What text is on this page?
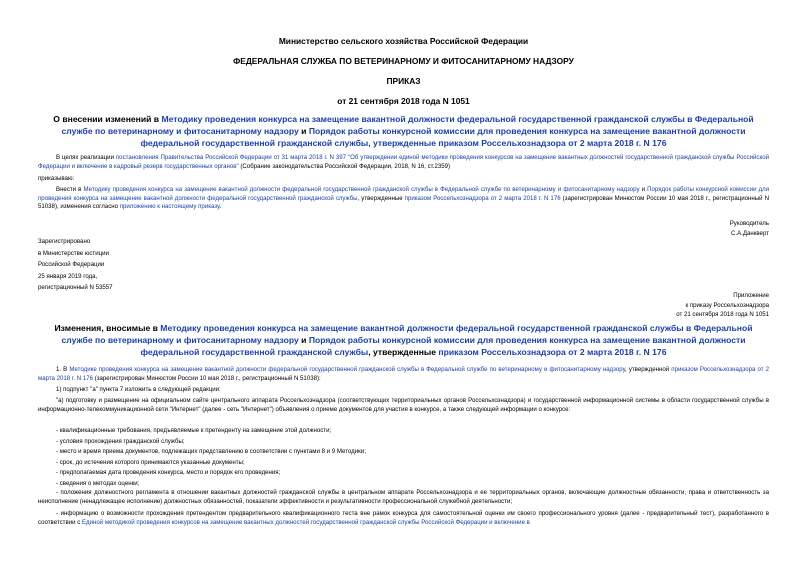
Министерство сельского хозяйства Российской Федерации
ФЕДЕРАЛЬНАЯ СЛУЖБА ПО ВЕТЕРИНАРНОМУ И ФИТОСАНИТАРНОМУ НАДЗОРУ
ПРИКАЗ
от 21 сентября 2018 года N 1051
О внесении изменений в Методику проведения конкурса на замещение вакантной должности федеральной государственной гражданской службы в Федеральной службе по ветеринарному и фитосанитарному надзору и Порядок работы конкурсной комиссии для проведения конкурса на замещение вакантной должности федеральной государственной гражданской службы, утвержденные приказом Россельхознадзора от 2 марта 2018 г. N 176
В целях реализации постановления Правительства Российской Федерации от 31 марта 2018 г. N 397 "Об утверждении единой методики проведения конкурсов на замещение вакантных должностей государственной гражданской службы Российской Федерации и включение в кадровый резерв государственных органов" (Собрание законодательства Российской Федерации, 2018, N 16, ст.2359)
приказываю:
Внести в Методику проведения конкурса на замещение вакантной должности федеральной государственной гражданской службы в Федеральной службе по ветеринарному и фитосанитарному надзору и Порядок работы конкурсной комиссии для проведения конкурса на замещение вакантной должности федеральной государственной гражданской службы, утвержденные приказом Россельхознадзора от 2 марта 2018 г. N 176 (зарегистрирован Минюстом России 10 мая 2018 г., регистрационный N 51038), изменения согласно приложению к настоящему приказу.
Руководитель
С.А.Данкверт
Зарегистрировано
в Министерстве юстиции
Российской Федерации
25 января 2019 года,
регистрационный N 53557
Приложение
к приказу Россельхознадзора
от 21 сентября 2018 года N 1051
Изменения, вносимые в Методику проведения конкурса на замещение вакантной должности федеральной государственной гражданской службы в Федеральной службе по ветеринарному и фитосанитарному надзору и Порядок работы конкурсной комиссии для проведения конкурса на замещение вакантной должности федеральной государственной гражданской службы, утвержденные приказом Россельхознадзора от 2 марта 2018 г. N 176
1. В Методике проведения конкурса на замещение вакантной должности федеральной государственной гражданской службы в Федеральной службе по ветеринарному и фитосанитарному надзору, утвержденной приказом Россельхознадзора от 2 марта 2018 г. N 176 (зарегистрирован Минюстом России 10 мая 2018 г., регистрационный N 51038):
1) подпункт "а" пункта 7 изложить в следующей редакции:
"а) подготовку и размещение на официальном сайте центрального аппарата Россельхознадзора (соответствующих территориальных органов Россельхознадзора) и государственной информационной системы в области государственной службы в информационно-телекоммуникационной сети "Интернет" (далее - сеть "Интернет") объявления о приеме документов для участия в конкурсе, а также следующей информации о конкурсе:
- квалификационные требования, предъявляемые к претенденту на замещение этой должности;
- условия прохождения гражданской службы;
- место и время приема документов, подлежащих представлению в соответствии с пунктами 8 и 9 Методики;
- срок, до истечения которого принимаются указанные документы;
- предполагаемая дата проведения конкурса, место и порядок его проведения;
- сведения о методах оценки;
- положения должностного регламента в отношении вакантных должностей гражданской службы в центральном аппарате Россельхознадзора и ее территориальных органов, включающие должностные обязанности, права и ответственность за неисполнение (ненадлежащее исполнение) должностных обязанностей, показатели эффективности и результативности профессиональной служебной деятельности;
- информацию о возможности прохождения претендентом предварительного квалификационного теста вне рамок конкурса для самостоятельной оценки им своего профессионального уровня (далее - предварительный тест), разработанного в соответствии с Единой методикой проведения конкурсов на замещение вакантных должностей государственной гражданской службы Российской Федерации и включение в
